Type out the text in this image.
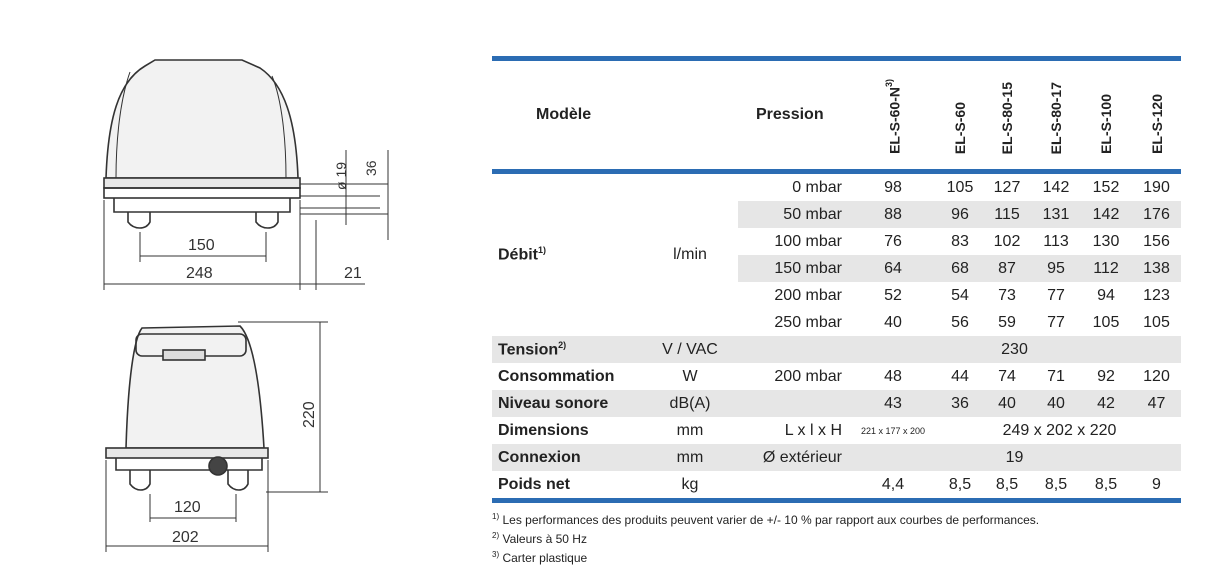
150
248	21
ø 19 36
220
120
202

Modèle		Pression	$EL-S-60-N^{3)}$	EL-S-60	EL-S-80-15	EL-S-80-17	EL-S-100	EL-S-120

Débit$^{1)}$	l/min	0 mbar	98	105	127	142	152	190
		50 mbar	88	96	115	131	142	176
		100 mbar	76	83	102	113	130	156
		150 mbar	64	68	87	95	112	138
		200 mbar	52	54	73	77	94	123
		250 mbar	40	56	59	77	105	105
Tension$^{2)}$	V / VAC		230					
Consommation	W	200 mbar	48	44	74	71	92	120
Niveau sonore	dB(A)		43	36	40	40	42	47
Dimensions	mm	L x l x H	221 x 177 x 200	249 x 202 x 220				
Connexion	mm	Ø extérieur	19					
Poids net	kg		4,4	8,5	8,5	8,5	8,5	9

$^{1)}$ Les performances des produits peuvent varier de +/- 10 % par rapport aux courbes de performances.
$^{2)}$ Valeurs à 50 Hz
$^{3)}$ Carter plastique
